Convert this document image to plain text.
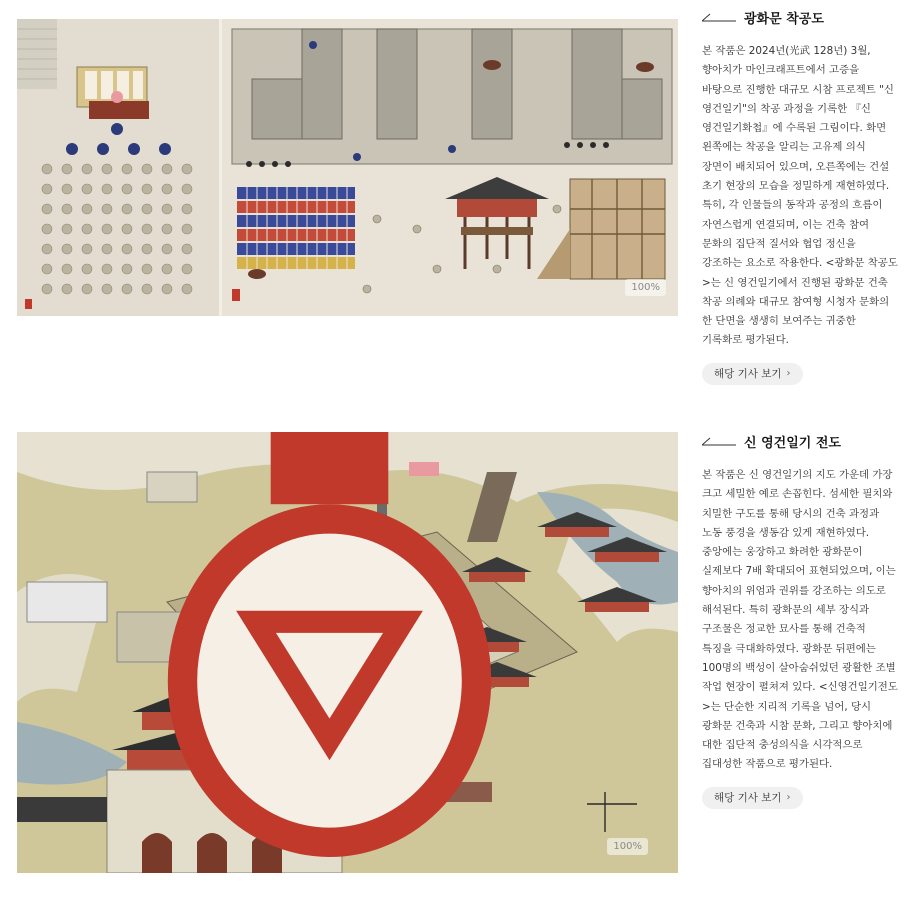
100%
광화문 착공도

본 작품은 2024년(光武 128년) 3월, 향아치가 마인크래프트에서 고증을 바탕으로 진행한 대규모 시참 프로젝트 "신 영건일기"의 착공 과정을 기록한 『신 영건일기화첩』에 수록된 그림이다. 화면 왼쪽에는 착공을 알리는 고유제 의식 장면이 배치되어 있으며, 오른쪽에는 건설 초기 현장의 모습을 정밀하게 재현하였다. 특히, 각 인물들의 동작과 공정의 흐름이 자연스럽게 연결되며, 이는 건축 참여 문화의 집단적 질서와 협업 정신을 강조하는 요소로 작용한다. <광화문 착공도>는 신 영건일기에서 진행된 광화문 건축 착공 의례와 대규모 참여형 시청자 문화의 한 단면을 생생히 보여주는 귀중한 기록화로 평가된다.

해당 기사 보기 ›
100%
신 영건일기 전도

본 작품은 신 영건일기의 지도 가운데 가장 크고 세밀한 예로 손꼽힌다. 섬세한 필치와 치밀한 구도를 통해 당시의 건축 과정과 노동 풍경을 생동감 있게 재현하였다. 중앙에는 웅장하고 화려한 광화문이 실제보다 7배 확대되어 표현되었으며, 이는 향아치의 위엄과 권위를 강조하는 의도로 해석된다. 특히 광화문의 세부 장식과 구조물은 정교한 묘사를 통해 건축적 특징을 극대화하였다. 광화문 뒤편에는 100명의 백성이 살아숨쉬었던 광활한 조별 작업 현장이 펼쳐져 있다. <신영건일기전도>는 단순한 지리적 기록을 넘어, 당시 광화문 건축과 시참 문화, 그리고 향아치에 대한 집단적 충성의식을 시각적으로 집대성한 작품으로 평가된다.

해당 기사 보기 ›
